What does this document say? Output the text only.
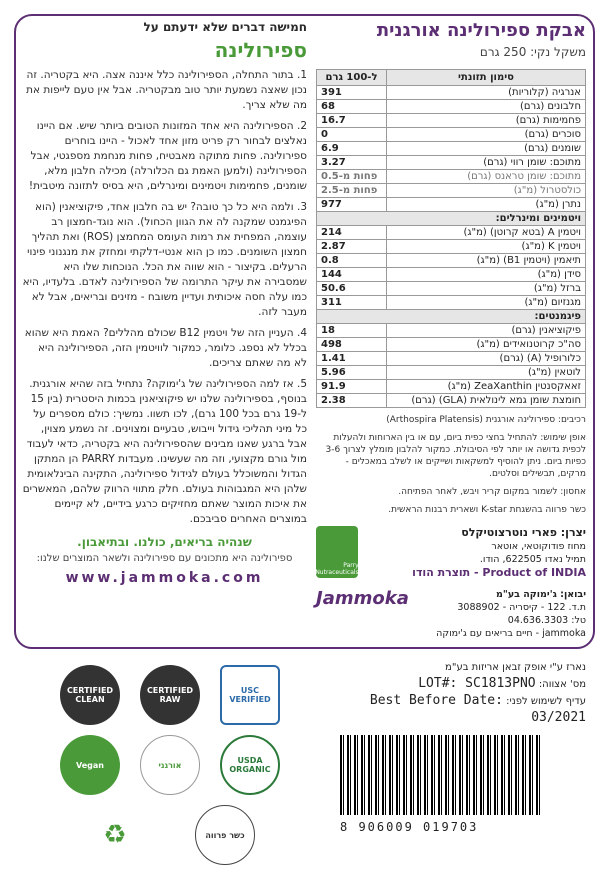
חמישה דברים שלא ידעתם על
ספירולינה
1. בתור התחלה, הספירולינה כלל איננה אצה. היא בקטריה. זה נכון שאצה נשמעת יותר טוב מבקטריה. אבל אין טעם לייפות את מה שלא צריך.
2. הספירולינה היא אחד המזונות הטובים ביותר שיש. אם היינו נאלצים לבחור רק פריט מזון אחד לאכול - היינו בוחרים ספירולינה. פחות מתוקה מאבטיח, פחות מנחמת מספגטי, אבל הספירולינה (ולמען האמת גם הכלורלה) מכילה חלבון מלא, שומנים, פחמימות ויטמינים ומינרלים, היא בסיס לתזונה מיטבית!
3. ולמה היא כל כך טובה? יש בה חלבון אחד, פיקוציאנין (הוא הפיגמנט שמקנה לה את הגוון הכחול). הוא נוגד-חמצון רב עוצמה, המפחית את רמות העומס המחמצן (ROS) ואת תהליך חמצון השומנים. כמו כן הוא אנטי-דלקתי ומחזק את מנגנוני פינוי הרעלים. בקיצור - הוא שווה את הכל. הנוכחות שלו היא שמסבירה את עיקר התרומה של הספירולינה לאדם. בלעדיו, היא כמו עלה חסה איכותית ועדיין משובח - מזינים ובריאים, אבל לא מעבר לזה.
4. העניין הזה של ויטמין B12 שכולם מהללים? האמת היא שהוא בכלל לא נספג. כלומר, כמקור לוויטמין הזה, הספירולינה היא לא מה שאתם צריכים.
5. אז למה הספירולינה של ג'ימוקה? נתחיל בזה שהיא אורגנית. בנוסף, בספירולינה שלנו יש פיקוציאנין בכמות היסטרית (בין 15 ל-19 גרם בכל 100 גרם), לכו תשוו. נמשיך: כולם מספרים על כל מיני תהליכי גידול וייבוש, טבעיים ומצוינים. זה נשמע מצוין, אבל ברגע שאנו מבינים שהספירולינה היא בקטריה, כדאי לעבוד מול גורם מקצועי, וזה מה שעשינו. מעבדות PARRY הן המתקן הגדול והמשוכלל בעולם לגידול ספירולינה, התקינה הבינלאומית שלהן היא המגבוהות בעולם. חלק מתווי הרווק שלהם, המאשרים את איכות המוצר שאתם מחזיקים כרגע בידיים, לא קיימים במוצרים האחרים סביבכם.
שנהיה בריאים, כולנו. ובתיאבון.
ספירולינה היא מתכונים עם ספירולינה ולשאר המוצרים שלנו:
www.jammoka.com
אבקת ספירולינה אורגנית
משקל נקי: 250 גרם
סימון תזונתי	ל-100 גרם
אנרגיה (קלוריות)	391
חלבונים (גרם)	68
פחמימות (גרם)	16.7
סוכרים (גרם)	0
שומנים (גרם)	6.9
מתוכם: שומן רווי (גרם)	3.27
מתוכם: שומן טראנס (גרם)	פחות מ-0.5
כולסטרול (מ"ג)	פחות מ-2.5
נתרן (מ"ג)	977
ויטמינים ומינרלים:	
ויטמין A (בטא קרוטן) (מ"ג)	214
ויטמין K (מ"ג)	2.87
תיאמין (ויטמין B1) (מ"ג)	0.8
סידן (מ"ג)	144
ברזל (מ"ג)	50.6
מגנזיום (מ"ג)	311
פיגמנטים:	
פיקוציאנין (גרם)	18
סה"כ קרוטנואידים (מ"ג)	498
כלורופיל (A) (גרם)	1.41
לוטאין (מ"ג)	5.96
זאאקסנטין ZeaXanthin (מ"ג)	91.9
חומצת שומן גמא לינולאית (GLA) (גרם)	2.38
רכיבים: ספירולינה אורגנית (Arthospira Platensis)
אופן שימוש: להתחיל בחצי כפית ביום, עם או בין הארוחות ולהעלות לכפית גדושה או יותר לפי הסיבולת. כמקור להלבון מומלץ לצרוך 3-6 כפיות ביום. ניתן להוסיף למשקאות ושייקים או לשלב במאכלים - מרקים, תבשילים וסלטים.
אחסון: לשמור במקום קריר ויבש, לאחר הפתיחה.
כשר פרווה בהשגחת K-star ושארית רבנות הראשית.
יצרן: פארי נוטרצוטיקלס
מחוז פודוקוטאי, אוטאר
תמיל נאדו 622505, הודו.
Product of INDIA - תוצרת הודו
Parry Nutraceuticals
Jammoka	יבואן: ג'ימוקה בע"מ
ת.ד. 122 - קיסריה - 3088902
טל: 04.636.3303
jammoka - חיים בריאים עם ג'ימוקה
CERTIFIED CLEAN
CERTIFIED RAW
USC VERIFIED
Vegan	אורגני	USDA ORGANIC
♻	כשר פרווה
נארז ע"י אופק זבאן אריזות בע"מ
מס' אצווה: LOT#: SC1813PNO
עדיף לשימוש לפני: Best Before Date: 03/2021
8 906009 019703
